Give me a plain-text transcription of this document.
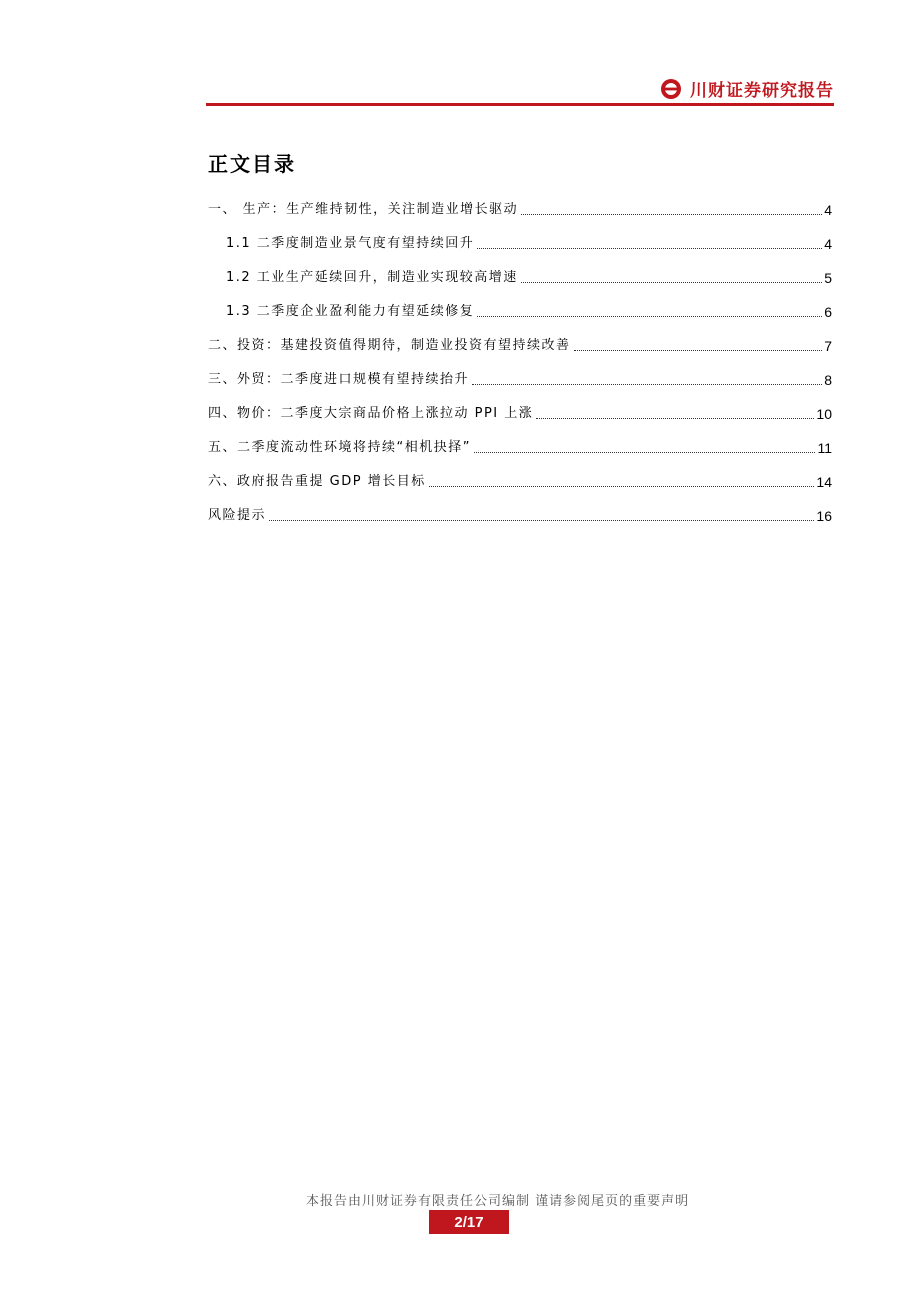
川财证券研究报告
正文目录
一、 生产：生产维持韧性，关注制造业增长驱动	4
1.1 二季度制造业景气度有望持续回升	4
1.2 工业生产延续回升，制造业实现较高增速	5
1.3 二季度企业盈利能力有望延续修复	6
二、投资：基建投资值得期待，制造业投资有望持续改善	7
三、外贸：二季度进口规模有望持续抬升	8
四、物价：二季度大宗商品价格上涨拉动 PPI 上涨	10
五、二季度流动性环境将持续“相机抉择”	11
六、政府报告重提 GDP 增长目标	14
风险提示	16
本报告由川财证券有限责任公司编制 谨请参阅尾页的重要声明
2/17
